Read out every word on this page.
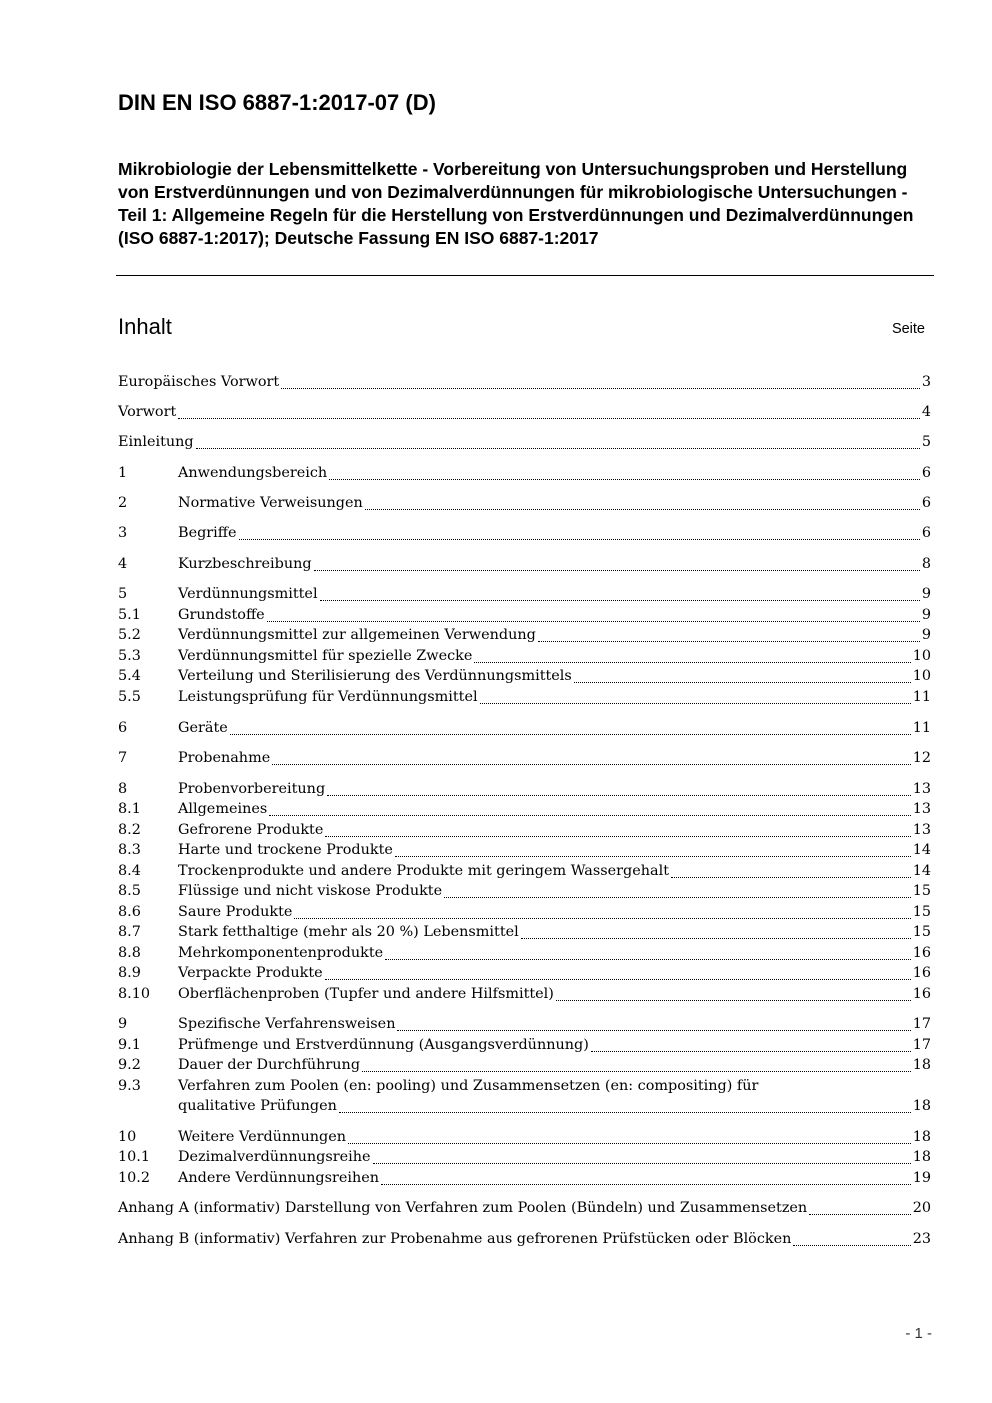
DIN EN ISO 6887-1:2017-07 (D)
Mikrobiologie der Lebensmittelkette - Vorbereitung von Untersuchungsproben und Herstellung von Erstverdünnungen und von Dezimalverdünnungen für mikrobiologische Untersuchungen - Teil 1: Allgemeine Regeln für die Herstellung von Erstverdünnungen und Dezimalverdünnungen (ISO 6887-1:2017); Deutsche Fassung EN ISO 6887-1:2017
Inhalt	Seite
Europäisches Vorwort	3
Vorwort	4
Einleitung	5
1	Anwendungsbereich	6
2	Normative Verweisungen	6
3	Begriffe	6
4	Kurzbeschreibung	8
5	Verdünnungsmittel	9
5.1	Grundstoffe	9
5.2	Verdünnungsmittel zur allgemeinen Verwendung	9
5.3	Verdünnungsmittel für spezielle Zwecke	10
5.4	Verteilung und Sterilisierung des Verdünnungsmittels	10
5.5	Leistungsprüfung für Verdünnungsmittel	11
6	Geräte	11
7	Probenahme	12
8	Probenvorbereitung	13
8.1	Allgemeines	13
8.2	Gefrorene Produkte	13
8.3	Harte und trockene Produkte	14
8.4	Trockenprodukte und andere Produkte mit geringem Wassergehalt	14
8.5	Flüssige und nicht viskose Produkte	15
8.6	Saure Produkte	15
8.7	Stark fetthaltige (mehr als 20 %) Lebensmittel	15
8.8	Mehrkomponentenprodukte	16
8.9	Verpackte Produkte	16
8.10	Oberflächenproben (Tupfer und andere Hilfsmittel)	16
9	Spezifische Verfahrensweisen	17
9.1	Prüfmenge und Erstverdünnung (Ausgangsverdünnung)	17
9.2	Dauer der Durchführung	18
9.3	Verfahren zum Poolen (en: pooling) und Zusammensetzen (en: compositing) für
qualitative Prüfungen	18
10	Weitere Verdünnungen	18
10.1	Dezimalverdünnungsreihe	18
10.2	Andere Verdünnungsreihen	19
Anhang A (informativ) Darstellung von Verfahren zum Poolen (Bündeln) und Zusammensetzen	20
Anhang B (informativ) Verfahren zur Probenahme aus gefrorenen Prüfstücken oder Blöcken	23
- 1 -
